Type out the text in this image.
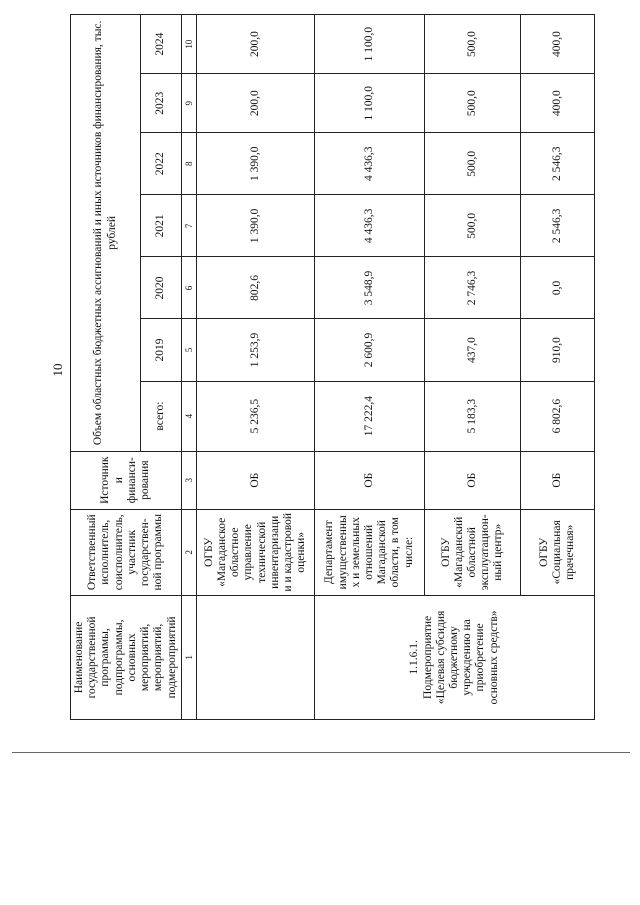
10
Наименование государственной программы, подпрограммы, основных мероприятий, мероприятий, подмероприятий	Ответственный исполнитель, соисполнитель, участник государствен-ной программы	Источники финанси-рования	Объем областных бюджетных ассигнований и иных источников финансирования, тыс. рублей						
			всего:	2019	2020	2021	2022	2023	2024
1	2	3	4	5	6	7	8	9	10
	ОГБУ «Магаданское областное управление технической инвентаризации и кадастровой оценки»	ОБ	5 236,5	1 253,9	802,6	1 390,0	1 390,0	200,0	200,0
1.1.6.1. Подмероприятие «Целевая субсидия бюджетному учреждению на приобретение основных средств»	Департамент имущественных и земельных отношений Магаданской области, в том числе:	ОБ	17 222,4	2 600,9	3 548,9	4 436,3	4 436,3	1 100,0	1 100,0
	ОГБУ «Магаданский областной эксплуатацион-ный центр»	ОБ	5 183,3	437,0	2 746,3	500,0	500,0	500,0	500,0
	ОГБУ «Социальная прачечная»	ОБ	6 802,6	910,0	0,0	2 546,3	2 546,3	400,0	400,0
